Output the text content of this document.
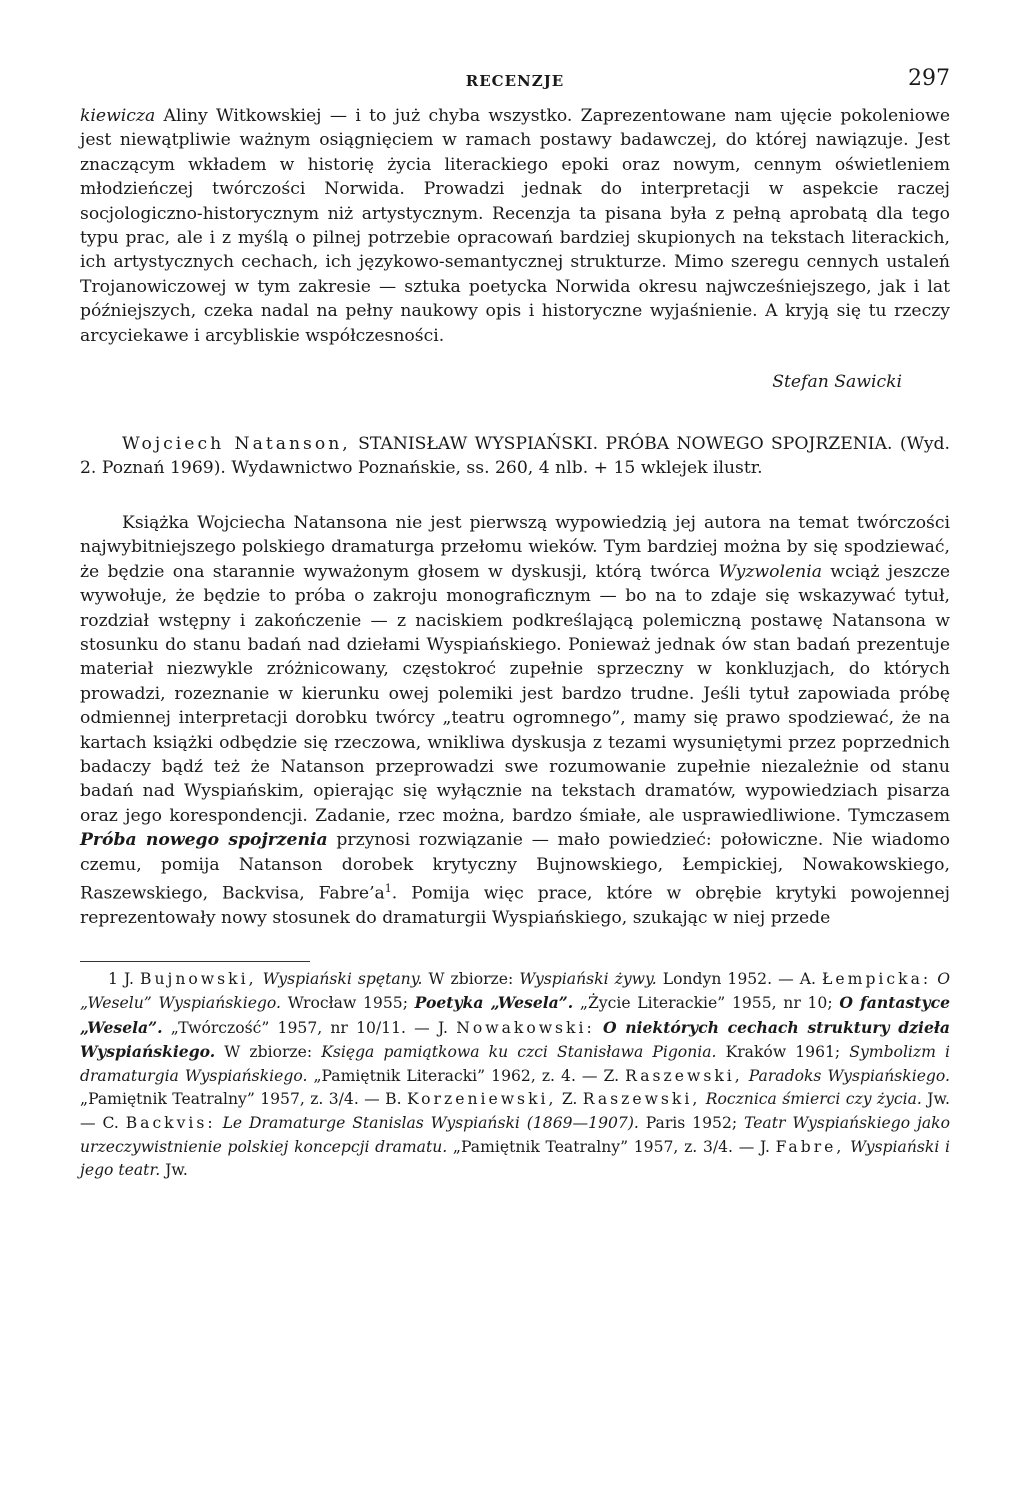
RECENZJE	297

kiewicza Aliny Witkowskiej — i to już chyba wszystko. Zaprezentowane nam ujęcie pokoleniowe jest niewątpliwie ważnym osiągnięciem w ramach postawy badawczej, do której nawiązuje. Jest znaczącym wkładem w historię życia literackiego epoki oraz nowym, cennym oświetleniem młodzieńczej twórczości Norwida. Prowadzi jednak do interpretacji w aspekcie raczej socjologiczno-historycznym niż artystycznym. Recenzja ta pisana była z pełną aprobatą dla tego typu prac, ale i z myślą o pilnej potrzebie opracowań bardziej skupionych na tekstach literackich, ich artystycznych cechach, ich językowo-semantycznej strukturze. Mimo szeregu cennych ustaleń Trojanowiczowej w tym zakresie — sztuka poetycka Norwida okresu najwcześniejszego, jak i lat późniejszych, czeka nadal na pełny naukowy opis i historyczne wyjaśnienie. A kryją się tu rzeczy arcyciekawe i arcybliskie współczesności.

Stefan Sawicki

Wojciech Natanson, STANISŁAW WYSPIAŃSKI. PRÓBA NOWEGO SPOJRZENIA. (Wyd. 2. Poznań 1969). Wydawnictwo Poznańskie, ss. 260, 4 nlb. + 15 wklejek ilustr.

Książka Wojciecha Natansona nie jest pierwszą wypowiedzią jej autora na temat twórczości najwybitniejszego polskiego dramaturga przełomu wieków. Tym bardziej można by się spodziewać, że będzie ona starannie wyważonym głosem w dyskusji, którą twórca Wyzwolenia wciąż jeszcze wywołuje, że będzie to próba o zakroju monograficznym — bo na to zdaje się wskazywać tytuł, rozdział wstępny i zakończenie — z naciskiem podkreślającą polemiczną postawę Natansona w stosunku do stanu badań nad dziełami Wyspiańskiego. Ponieważ jednak ów stan badań prezentuje materiał niezwykle zróżnicowany, częstokroć zupełnie sprzeczny w konkluzjach, do których prowadzi, rozeznanie w kierunku owej polemiki jest bardzo trudne. Jeśli tytuł zapowiada próbę odmiennej interpretacji dorobku twórcy „teatru ogromnego”, mamy się prawo spodziewać, że na kartach książki odbędzie się rzeczowa, wnikliwa dyskusja z tezami wysuniętymi przez poprzednich badaczy bądź też że Natanson przeprowadzi swe rozumowanie zupełnie niezależnie od stanu badań nad Wyspiańskim, opierając się wyłącznie na tekstach dramatów, wypowiedziach pisarza oraz jego korespondencji. Zadanie, rzec można, bardzo śmiałe, ale usprawiedliwione. Tymczasem Próba nowego spojrzenia przynosi rozwiązanie — mało powiedzieć: połowiczne. Nie wiadomo czemu, pomija Natanson dorobek krytyczny Bujnowskiego, Łempickiej, Nowakowskiego, Raszewskiego, Backvisa, $Fabre’a^1$. Pomija więc prace, które w obrębie krytyki powojennej reprezentowały nowy stosunek do dramaturgii Wyspiańskiego, szukając w niej przede

1 J. Bujnowski, Wyspiański spętany. W zbiorze: Wyspiański żywy. Londyn 1952. — A. Łempicka: O „Weselu” Wyspiańskiego. Wrocław 1955; Poetyka „Wesela”. „Życie Literackie” 1955, nr 10; O fantastyce „Wesela”. „Twórczość” 1957, nr 10/11. — J. Nowakowski: O niektórych cechach struktury dzieła Wyspiańskiego. W zbiorze: Księga pamiątkowa ku czci Stanisława Pigonia. Kraków 1961; Symbolizm i dramaturgia Wyspiańskiego. „Pamiętnik Literacki” 1962, z. 4. — Z. Raszewski, Paradoks Wyspiańskiego. „Pamiętnik Teatralny” 1957, z. 3/4. — B. Korzeniewski, Z. Raszewski, Rocznica śmierci czy życia. Jw. — C. Backvis: Le Dramaturge Stanislas Wyspiański (1869—1907). Paris 1952; Teatr Wyspiańskiego jako urzeczywistnienie polskiej koncepcji dramatu. „Pamiętnik Teatralny” 1957, z. 3/4. — J. Fabre, Wyspiański i jego teatr. Jw.
